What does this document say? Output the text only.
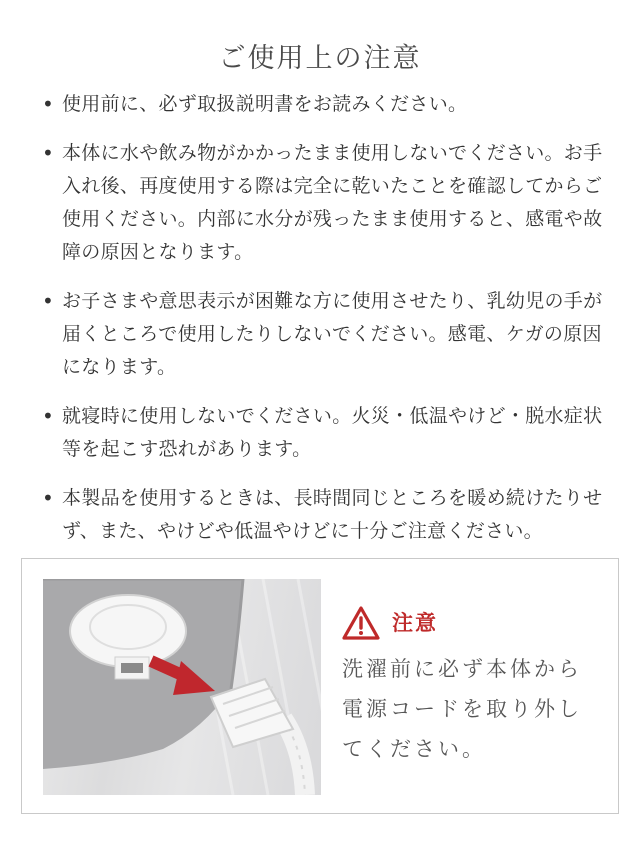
ご使用上の注意
• 使用前に、必ず取扱説明書をお読みください。
• 本体に水や飲み物がかかったまま使用しないでください。お手入れ後、再度使用する際は完全に乾いたことを確認してからご使用ください。内部に水分が残ったまま使用すると、感電や故障の原因となります。
• お子さまや意思表示が困難な方に使用させたり、乳幼児の手が届くところで使用したりしないでください。感電、ケガの原因になります。
• 就寝時に使用しないでください。火災・低温やけど・脱水症状等を起こす恐れがあります。
• 本製品を使用するときは、長時間同じところを暖め続けたりせず、また、やけどや低温やけどに十分ご注意ください。
注意
洗濯前に必ず本体から電源コードを取り外してください。
